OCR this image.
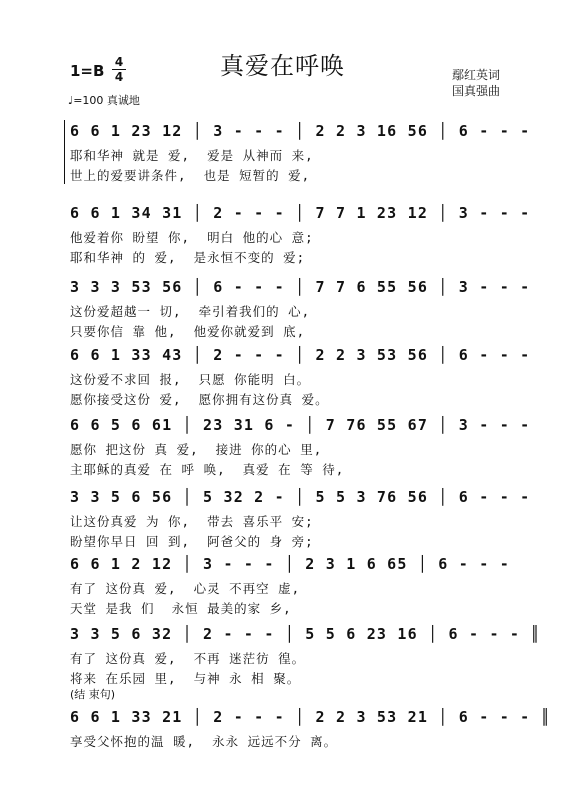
1=B 4
4	真爱在呼唤	鄢红英词
国真强曲
♩=100 真诚地
6 6 1 23 12 │ 3 - - - │ 2 2 3 16 56 │ 6 - - -
耶和华神 就是 爱,  爱是 从神而 来,
世上的爱要讲条件,  也是 短暂的 爱,
6 6 1 34 31 │ 2 - - - │ 7 7 1 23 12 │ 3 - - -
他爱着你 盼望 你,  明白 他的心 意;
耶和华神 的 爱,  是永恒不变的 爱;
3 3 3 53 56 │ 6 - - - │ 7 7 6 55 56 │ 3 - - -
这份爱超越一 切,  牵引着我们的 心,
只要你信 靠 他,  他爱你就爱到 底,
6 6 1 33 43 │ 2 - - - │ 2 2 3 53 56 │ 6 - - -
这份爱不求回 报,  只愿 你能明 白。
愿你接受这份 爱,  愿你拥有这份真 爱。
6 6 5 6 61 │ 23 31 6 - │ 7 76 55 67 │ 3 - - -
愿你 把这份 真 爱,  接进 你的心 里,
主耶稣的真爱 在 呼 唤,  真爱 在 等 待,
3 3 5 6 56 │ 5 32 2 - │ 5 5 3 76 56 │ 6 - - -
让这份真爱 为 你,  带去 喜乐平 安;
盼望你早日 回 到,  阿爸父的 身 旁;
6 6 1 2 12 │ 3 - - - │ 2 3 1 6 65 │ 6 - - -
有了 这份真 爱,  心灵 不再空 虚,
天堂 是我 们  永恒 最美的家 乡,
3 3 5 6 32 │ 2 - - - │ 5 5 6 23 16 │ 6 - - - ║
有了 这份真 爱,  不再 迷茫彷 徨。
将来 在乐园 里,  与神 永 相 聚。
(结 束句)
6 6 1 33 21 │ 2 - - - │ 2 2 3 53 21 │ 6 - - - ║
享受父怀抱的温 暖,  永永 远远不分 离。
